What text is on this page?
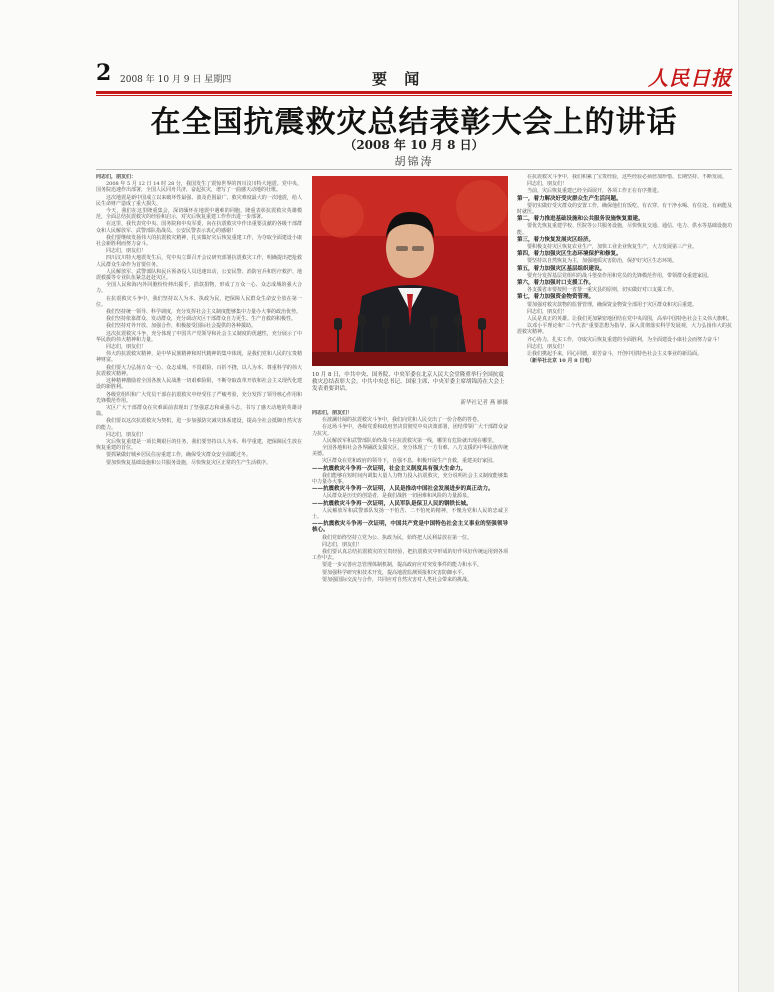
2 2008 年 10 月 9 日 星期四	要 闻	人民日报
在全国抗震救灾总结表彰大会上的讲话
（2008 年 10 月 8 日）
胡锦涛

同志们，朋友们：

2008 年 5 月 12 日 14 时 28 分，我国发生了震惊世界的四川汶川特大地震。党中央、国务院迅速作出部署，全国人民同舟共济，奋起抗灾，谱写了一曲感天动地的壮歌。

这次地震是新中国成立以来破坏性最强、波及范围最广、救灾难度最大的一次地震，给人民生命财产造成了重大损失。

今天，我们在这里隆重集会，深切缅怀在地震中遇难的同胞，隆重表彰抗震救灾英雄模范，全面总结抗震救灾的经验和启示，对灾后恢复重建工作作出进一步部署。

在这里，我代表党中央、国务院和中央军委，向在抗震救灾中作出重要贡献的各级干部群众和人民解放军、武警部队指战员、公安民警表示衷心的感谢！

我们要继续发扬伟大的抗震救灾精神，扎实做好灾后恢复重建工作，为夺取全面建设小康社会新胜利而努力奋斗。

同志们，朋友们！

四川汶川特大地震发生后，党中央立即召开会议研究部署抗震救灾工作，明确提出把抢救人民群众生命作为首要任务。

人民解放军、武警部队和民兵预备役人员迅速出动，公安民警、消防官兵和医疗救护、地震救援等专业队伍紧急赶赴灾区。

全国人民和海内外同胞纷纷伸出援手，捐款捐物，形成了万众一心、众志成城的强大合力。

在抗震救灾斗争中，我们坚持以人为本、执政为民，把保障人民群众生命安全放在第一位。

我们坚持统一领导、科学调度，充分发挥社会主义制度能够集中力量办大事的政治优势。

我们坚持依靠群众、发动群众，充分调动灾区干部群众自力更生、生产自救的积极性。

我们坚持对外开放、加强合作，积极接受国际社会提供的各种援助。

这次抗震救灾斗争，充分体现了中国共产党领导和社会主义制度的优越性，充分展示了中华民族的伟大精神和力量。

同志们，朋友们！

伟大的抗震救灾精神，是中华民族精神和时代精神的集中体现，是我们党和人民的宝贵精神财富。

我们要大力弘扬万众一心、众志成城，不畏艰险、百折不挠，以人为本、尊重科学的伟大抗震救灾精神。

这种精神激励着全国各族人民战胜一切艰难险阻，不断夺取改革开放和社会主义现代化建设的新胜利。

各级党组织和广大党员干部在抗震救灾中经受住了严峻考验，充分发挥了领导核心作用和先锋模范作用。

灾区广大干部群众在灾难面前表现出了坚强意志和顽强斗志，书写了感天动地的英雄诗篇。

我们要以这次抗震救灾为契机，进一步加强防灾减灾体系建设，提高全社会抵御自然灾害的能力。

同志们，朋友们！

灾后恢复重建是一项长期艰巨的任务，我们要坚持以人为本、科学重建，把保障民生放在恢复重建的首位。

要抓紧做好城乡居民住房重建工作，确保受灾群众安全温暖过冬。

要加快恢复基础设施和公共服务设施，尽快恢复灾区正常的生产生活秩序。

10 月 8 日，中共中央、国务院、中央军委在北京人民大会堂隆重举行全国抗震救灾总结表彰大会。中共中央总书记、国家主席、中央军委主席胡锦涛在大会上发表重要讲话。
新华社记者 燕 雁摄

同志们，朋友们！

在波澜壮阔的抗震救灾斗争中，我们向党和人民交出了一份合格的答卷。

在这场斗争中，各级党委和政府坚决贯彻党中央决策部署，团结带领广大干部群众奋力抗灾。

人民解放军和武警部队始终战斗在抗震救灾第一线，哪里有危险就出现在哪里。

全国各地和社会各界踊跃支援灾区，充分体现了一方有难、八方支援的中华民族传统美德。

灾区群众在党和政府的领导下，自强不息，积极开展生产自救，重建美好家园。

——抗震救灾斗争再一次证明，社会主义制度具有强大生命力。

我们能够在短时间内调集大量人力物力投入抗震救灾，充分说明社会主义制度能够集中力量办大事。

——抗震救灾斗争再一次证明，人民是推动中国社会发展进步的真正动力。

人民群众是历史的创造者，是我们战胜一切困难和风险的力量源泉。

——抗震救灾斗争再一次证明，人民军队是保卫人民的钢铁长城。

人民解放军和武警部队发扬一不怕苦、二不怕死的精神，不愧为党和人民的忠诚卫士。

——抗震救灾斗争再一次证明，中国共产党是中国特色社会主义事业的坚强领导核心。

我们党始终坚持立党为公、执政为民，始终把人民利益放在第一位。

同志们，朋友们！

我们要认真总结抗震救灾的宝贵经验，把抗震救灾中形成的好作风好传统运用到各项工作中去。

要进一步完善应急管理体制机制，提高政府应对突发事件的能力和水平。

要加强科学研究和技术开发，提高地震监测预报和灾害防御水平。

要加强国际交流与合作，共同应对自然灾害对人类社会带来的挑战。

在抗震救灾斗争中，我们积累了宝贵经验，这些经验必须倍加珍惜、长期坚持、不断发展。

同志们，朋友们！

当前，灾后恢复重建已经全面展开，各项工作正在有序推进。

第一，着力解决好受灾群众生产生活问题。

要切实做好受灾群众的安置工作，确保他们有饭吃、有衣穿、有干净水喝、有住处、有病能及时就医。

第二，着力推进基础设施和公共服务设施恢复重建。

要优先恢复重建学校、医院等公共服务设施，尽快恢复交通、通信、电力、供水等基础设施功能。

第三，着力恢复发展灾区经济。

要积极支持灾区恢复农业生产，加快工业企业恢复生产，大力发展第三产业。

第四，着力加强灾区生态环境保护和修复。

要坚持以自然恢复为主，加强地质灾害防治，保护好灾区生态环境。

第五，着力加强灾区基层组织建设。

要充分发挥基层党组织的战斗堡垒作用和党员的先锋模范作用，带领群众重建家园。

第六，着力加强对口支援工作。

各支援省市要按照一省帮一重灾县的原则，切实做好对口支援工作。

第七，着力加强资金物资管理。

要加强对救灾款物的监督管理，确保资金物资全部用于灾区群众和灾后重建。

同志们，朋友们！

人民是真正的英雄。让我们更加紧密地团结在党中央周围，高举中国特色社会主义伟大旗帜。

以邓小平理论和“三个代表”重要思想为指导，深入贯彻落实科学发展观，大力弘扬伟大的抗震救灾精神。

齐心协力，扎实工作，夺取灾后恢复重建的全面胜利，为全面建设小康社会而努力奋斗！

同志们，朋友们！

让我们携起手来，同心同德，艰苦奋斗，开创中国特色社会主义事业的新局面。

（新华社北京 10 月 8 日电）
